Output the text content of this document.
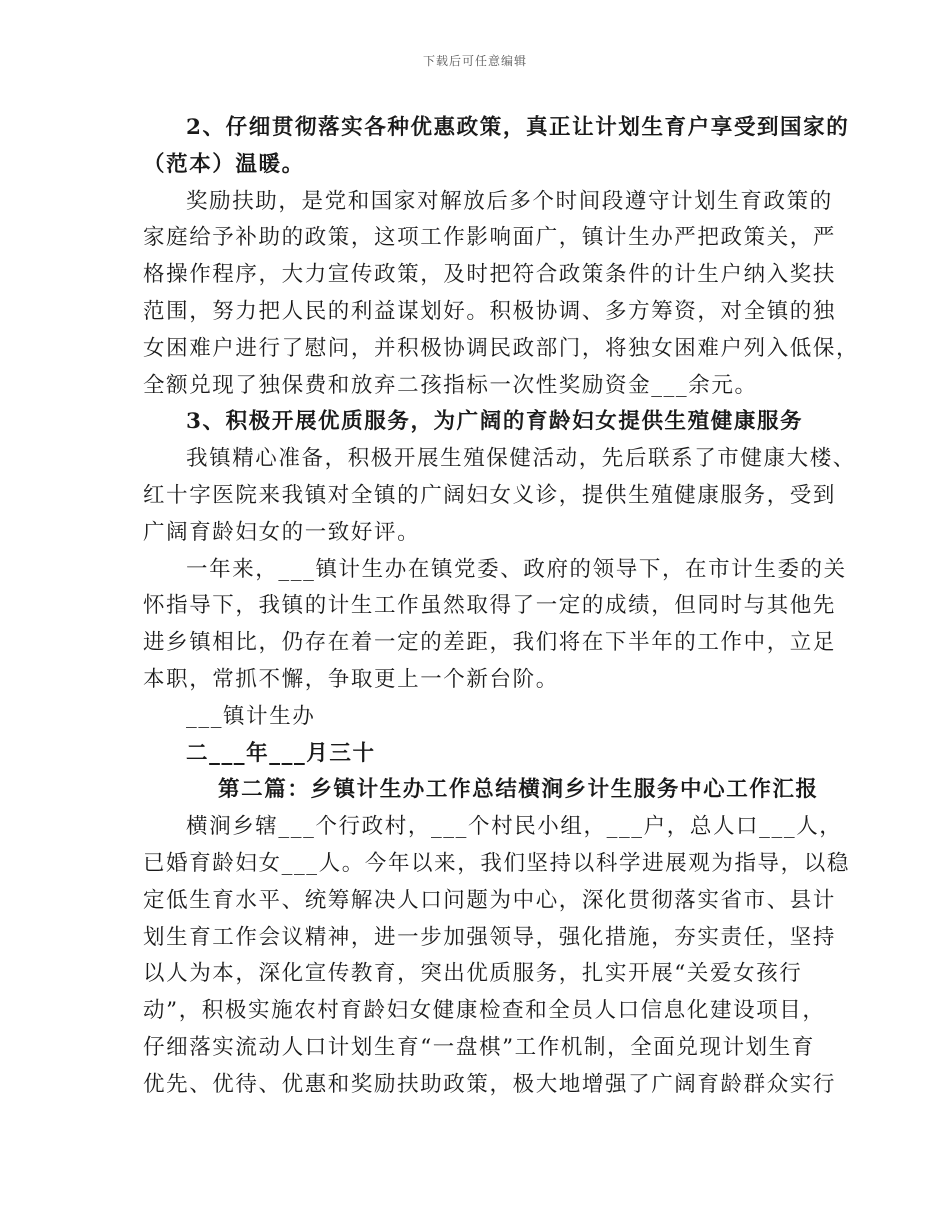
下载后可任意编辑
2、仔细贯彻落实各种优惠政策，真正让计划生育户享受到国家的
（范本）温暖。
奖励扶助，是党和国家对解放后多个时间段遵守计划生育政策的
家庭给予补助的政策，这项工作影响面广，镇计生办严把政策关，严
格操作程序，大力宣传政策，及时把符合政策条件的计生户纳入奖扶
范围，努力把人民的利益谋划好。积极协调、多方筹资，对全镇的独
女困难户进行了慰问，并积极协调民政部门，将独女困难户列入低保，
全额兑现了独保费和放弃二孩指标一次性奖励资金___余元。
3、积极开展优质服务，为广阔的育龄妇女提供生殖健康服务
我镇精心准备，积极开展生殖保健活动，先后联系了市健康大楼、
红十字医院来我镇对全镇的广阔妇女义诊，提供生殖健康服务，受到
广阔育龄妇女的一致好评。
一年来，___镇计生办在镇党委、政府的领导下，在市计生委的关
怀指导下，我镇的计生工作虽然取得了一定的成绩，但同时与其他先
进乡镇相比，仍存在着一定的差距，我们将在下半年的工作中，立足
本职，常抓不懈，争取更上一个新台阶。
___镇计生办
二___年___月三十
第二篇：乡镇计生办工作总结横涧乡计生服务中心工作汇报
横涧乡辖___个行政村，___个村民小组，___户，总人口___人，
已婚育龄妇女___人。今年以来，我们坚持以科学进展观为指导，以稳
定低生育水平、统筹解决人口问题为中心，深化贯彻落实省市、县计
划生育工作会议精神，进一步加强领导，强化措施，夯实责任，坚持
以人为本，深化宣传教育，突出优质服务，扎实开展“关爱女孩行
动”，积极实施农村育龄妇女健康检查和全员人口信息化建设项目，
仔细落实流动人口计划生育“一盘棋”工作机制，全面兑现计划生育
优先、优待、优惠和奖励扶助政策，极大地增强了广阔育龄群众实行
